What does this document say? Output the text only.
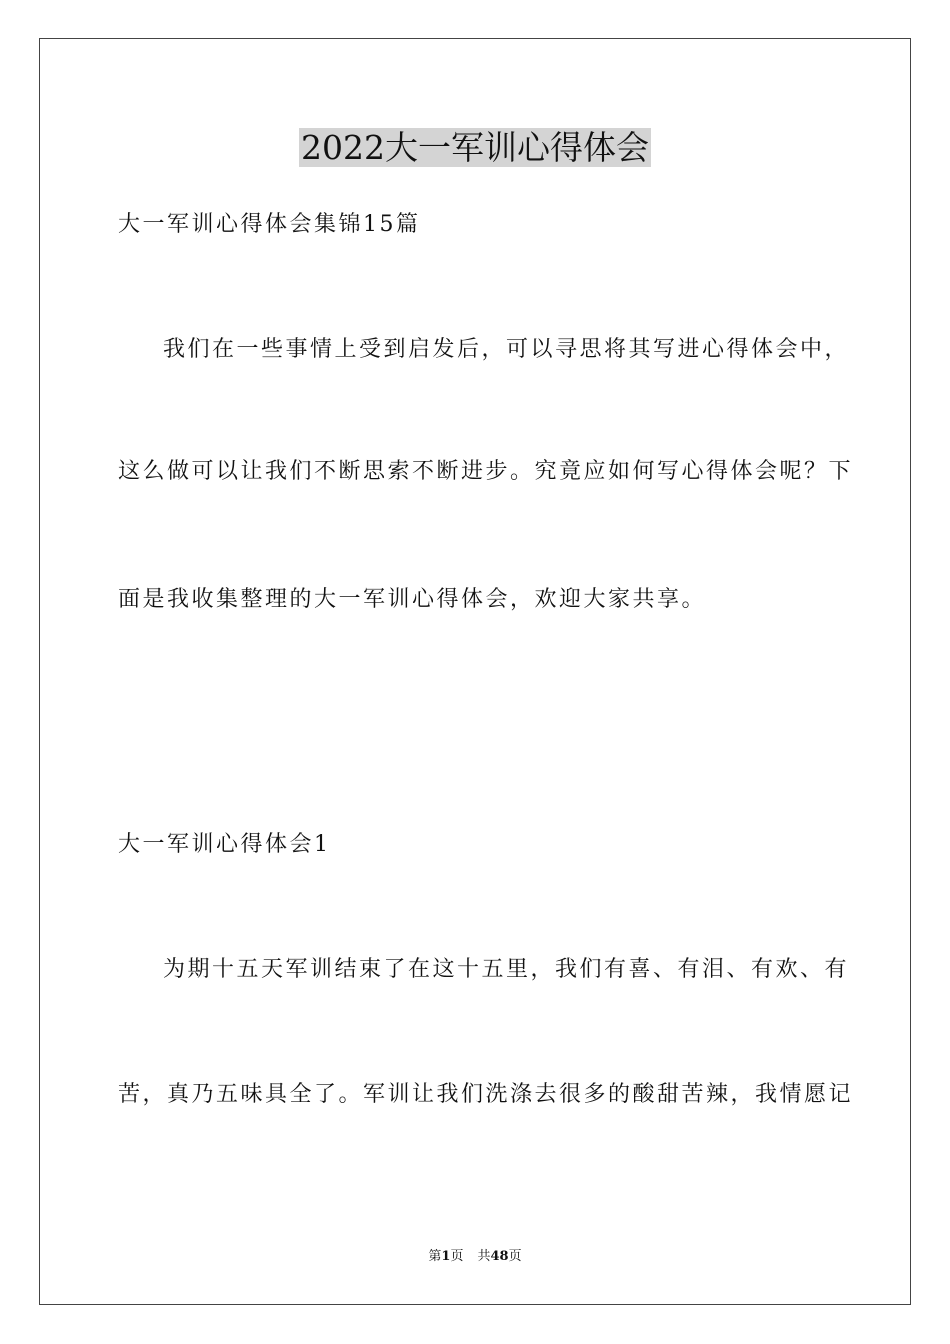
2022大一军训心得体会

大一军训心得体会集锦15篇

我们在一些事情上受到启发后，可以寻思将其写进心得体会中，

这么做可以让我们不断思索不断进步。究竟应如何写心得体会呢？下

面是我收集整理的大一军训心得体会，欢迎大家共享。

大一军训心得体会1

为期十五天军训结束了在这十五里，我们有喜、有泪、有欢、有

苦，真乃五味具全了。军训让我们洗涤去很多的酸甜苦辣，我情愿记

第1页 共48页
